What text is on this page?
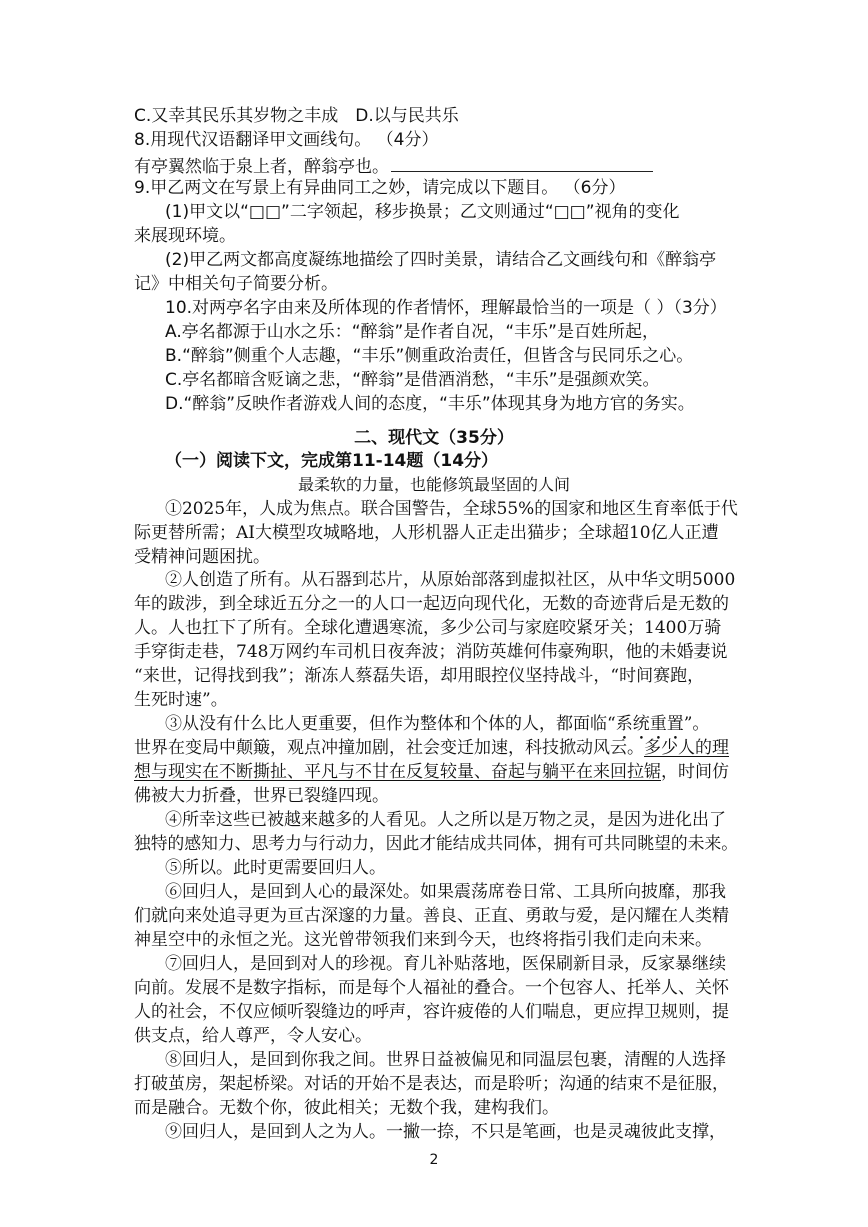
C.又幸其民乐其岁物之丰成　D.以与民共乐
8.用现代汉语翻译甲文画线句。 （4分）
有亭翼然临于泉上者，醉翁亭也。
9.甲乙两文在写景上有异曲同工之妙，请完成以下题目。 （6分）
(1)甲文以“□□”二字领起，移步换景；乙文则通过“□□”视角的变化
来展现环境。
(2)甲乙两文都高度凝练地描绘了四时美景，请结合乙文画线句和《醉翁亭
记》中相关句子简要分析。
10.对两亭名字由来及所体现的作者情怀，理解最恰当的一项是（ ）（3分）
A.亭名都源于山水之乐：“醉翁”是作者自况，“丰乐”是百姓所起，
B.“醉翁”侧重个人志趣，“丰乐”侧重政治责任，但皆含与民同乐之心。
C.亭名都暗含贬谪之悲，“醉翁”是借酒消愁，“丰乐”是强颜欢笑。
D.“醉翁”反映作者游戏人间的态度，“丰乐”体现其身为地方官的务实。
二、现代文（35分）
（一）阅读下文，完成第11-14题（14分）
最柔软的力量，也能修筑最坚固的人间
①2025年，人成为焦点。联合国警告，全球55%的国家和地区生育率低于代
际更替所需；AI大模型攻城略地，人形机器人正走出猫步；全球超10亿人正遭
受精神问题困扰。
②人创造了所有。从石器到芯片，从原始部落到虚拟社区，从中华文明5000
年的跋涉，到全球近五分之一的人口一起迈向现代化，无数的奇迹背后是无数的
人。人也扛下了所有。全球化遭遇寒流，多少公司与家庭咬紧牙关；1400万骑
手穿街走巷，748万网约车司机日夜奔波；消防英雄何伟豪殉职，他的未婚妻说
“来世，记得找到我”；渐冻人蔡磊失语，却用眼控仪坚持战斗，“时间赛跑，
生死时速”。
③从没有什么比人更重要，但作为整体和个体的人，都面临“系统重置”。
世界在变局中颠簸，观点冲撞加剧，社会变迁加速，科技掀动风云。多少人的理
想与现实在不断撕扯、平凡与不甘在反复较量、奋起与躺平在来回拉锯，时间仿
佛被大力折叠，世界已裂缝四现。
④所幸这些已被越来越多的人看见。人之所以是万物之灵，是因为进化出了
独特的感知力、思考力与行动力，因此才能结成共同体，拥有可共同眺望的未来。
⑤所以。此时更需要回归人。
⑥回归人，是回到人心的最深处。如果震荡席卷日常、工具所向披靡，那我
们就向来处追寻更为亘古深邃的力量。善良、正直、勇敢与爱，是闪耀在人类精
神星空中的永恒之光。这光曾带领我们来到今天，也终将指引我们走向未来。
⑦回归人，是回到对人的珍视。育儿补贴落地，医保刷新目录，反家暴继续
向前。发展不是数字指标，而是每个人福祉的叠合。一个包容人、托举人、关怀
人的社会，不仅应倾听裂缝边的呼声，容许疲倦的人们喘息，更应捍卫规则，提
供支点，给人尊严，令人安心。
⑧回归人，是回到你我之间。世界日益被偏见和同温层包裹，清醒的人选择
打破茧房，架起桥梁。对话的开始不是表达，而是聆听；沟通的结束不是征服，
而是融合。无数个你，彼此相关；无数个我，建构我们。
⑨回归人，是回到人之为人。一撇一捺，不只是笔画，也是灵魂彼此支撑，
2
